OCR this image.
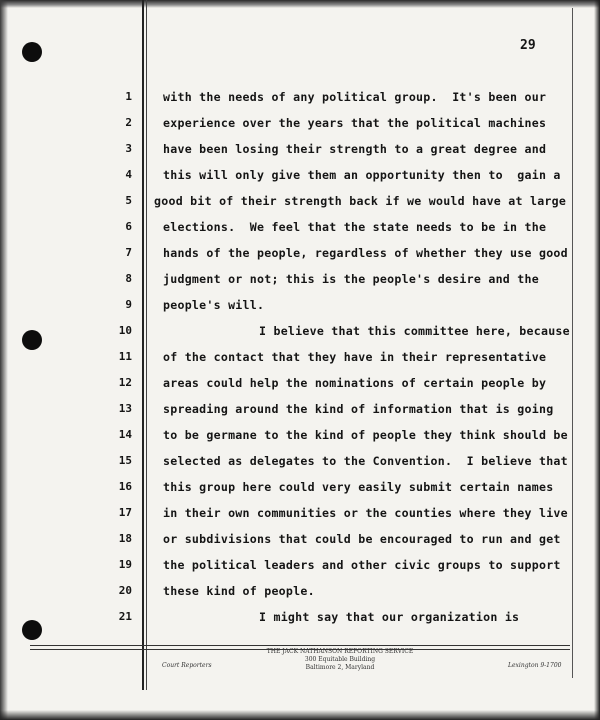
29
1
2
3
4
5
6
7
8
9
10
11
12
13
14
15
16
17
18
19
20
21
with the needs of any political group.  It's been our
experience over the years that the political machines
have been losing their strength to a great degree and
this will only give them an opportunity then to  gain a
good bit of their strength back if we would have at large
elections.  We feel that the state needs to be in the
hands of the people, regardless of whether they use good
judgment or not; this is the people's desire and the
people's will.
I believe that this committee here, because
of the contact that they have in their representative
areas could help the nominations of certain people by
spreading around the kind of information that is going
to be germane to the kind of people they think should be
selected as delegates to the Convention.  I believe that
this group here could very easily submit certain names
in their own communities or the counties where they live
or subdivisions that could be encouraged to run and get
the political leaders and other civic groups to support
these kind of people.
I might say that our organization is
THE JACK NATHANSON REPORTING SERVICE
300 Equitable Building
Baltimore 2, Maryland
Court Reporters	Lexington 9-1700
